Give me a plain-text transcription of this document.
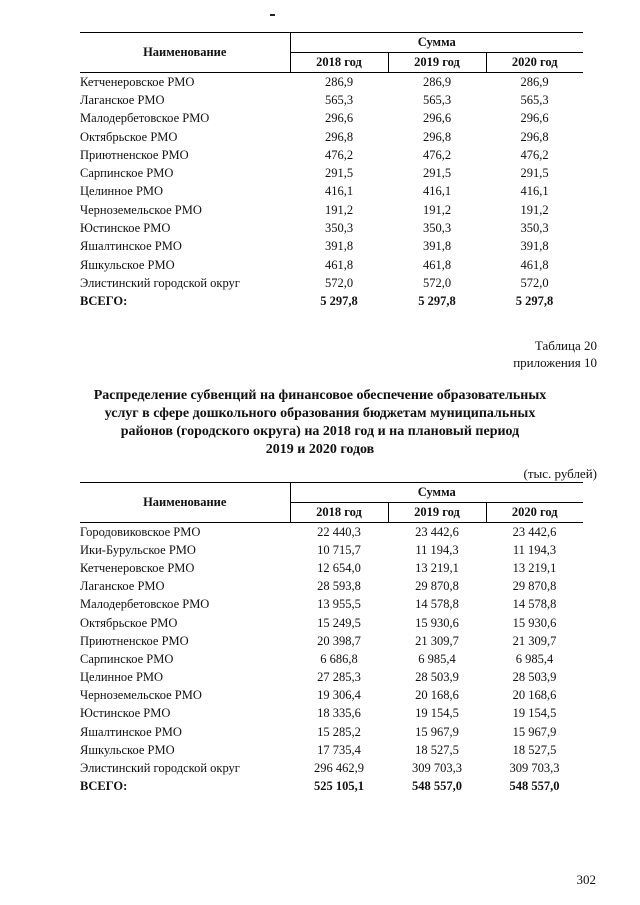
Наименование	Сумма		
	2018 год	2019 год	2020 год
Кетченеровское РМО	286,9	286,9	286,9
Лаганское РМО	565,3	565,3	565,3
Малодербетовское РМО	296,6	296,6	296,6
Октябрьское РМО	296,8	296,8	296,8
Приютненское РМО	476,2	476,2	476,2
Сарпинское РМО	291,5	291,5	291,5
Целинное РМО	416,1	416,1	416,1
Черноземельское РМО	191,2	191,2	191,2
Юстинское РМО	350,3	350,3	350,3
Яшалтинское РМО	391,8	391,8	391,8
Яшкульское РМО	461,8	461,8	461,8
Элистинский городской округ	572,0	572,0	572,0
ВСЕГО:	5 297,8	5 297,8	5 297,8
Таблица 20
приложения 10
Распределение субвенций на финансовое обеспечение образовательных
услуг в сфере дошкольного образования бюджетам муниципальных
районов (городского округа) на 2018 год и на плановый период
2019 и 2020 годов
(тыс. рублей)
Наименование	Сумма		
	2018 год	2019 год	2020 год
Городовиковское РМО	22 440,3	23 442,6	23 442,6
Ики-Бурульское РМО	10 715,7	11 194,3	11 194,3
Кетченеровское РМО	12 654,0	13 219,1	13 219,1
Лаганское РМО	28 593,8	29 870,8	29 870,8
Малодербетовское РМО	13 955,5	14 578,8	14 578,8
Октябрьское РМО	15 249,5	15 930,6	15 930,6
Приютненское РМО	20 398,7	21 309,7	21 309,7
Сарпинское РМО	6 686,8	6 985,4	6 985,4
Целинное РМО	27 285,3	28 503,9	28 503,9
Черноземельское РМО	19 306,4	20 168,6	20 168,6
Юстинское РМО	18 335,6	19 154,5	19 154,5
Яшалтинское РМО	15 285,2	15 967,9	15 967,9
Яшкульское РМО	17 735,4	18 527,5	18 527,5
Элистинский городской округ	296 462,9	309 703,3	309 703,3
ВСЕГО:	525 105,1	548 557,0	548 557,0
302
